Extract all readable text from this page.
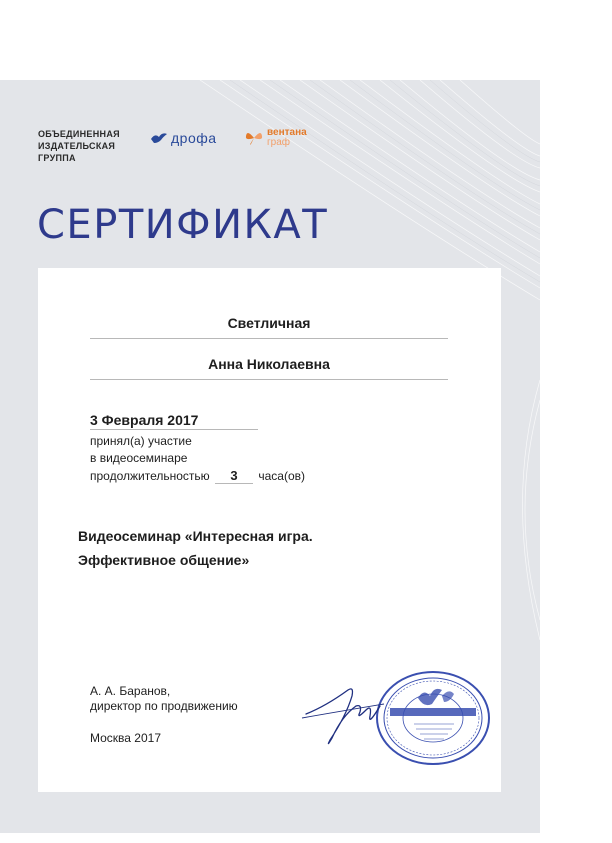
ОБЪЕДИНЕННАЯ
ИЗДАТЕЛЬСКАЯ
ГРУППА
дрофа	вентана
граф
СЕРТИФИКАТ
Светличная
Анна Николаевна
3 Февраля 2017
принял(а) участие
в видеосеминаре
продолжительностью 3 часа(ов)
Видеосеминар «Интересная игра.
Эффективное общение»
А. А. Баранов,
директор по продвижению
Москва 2017
